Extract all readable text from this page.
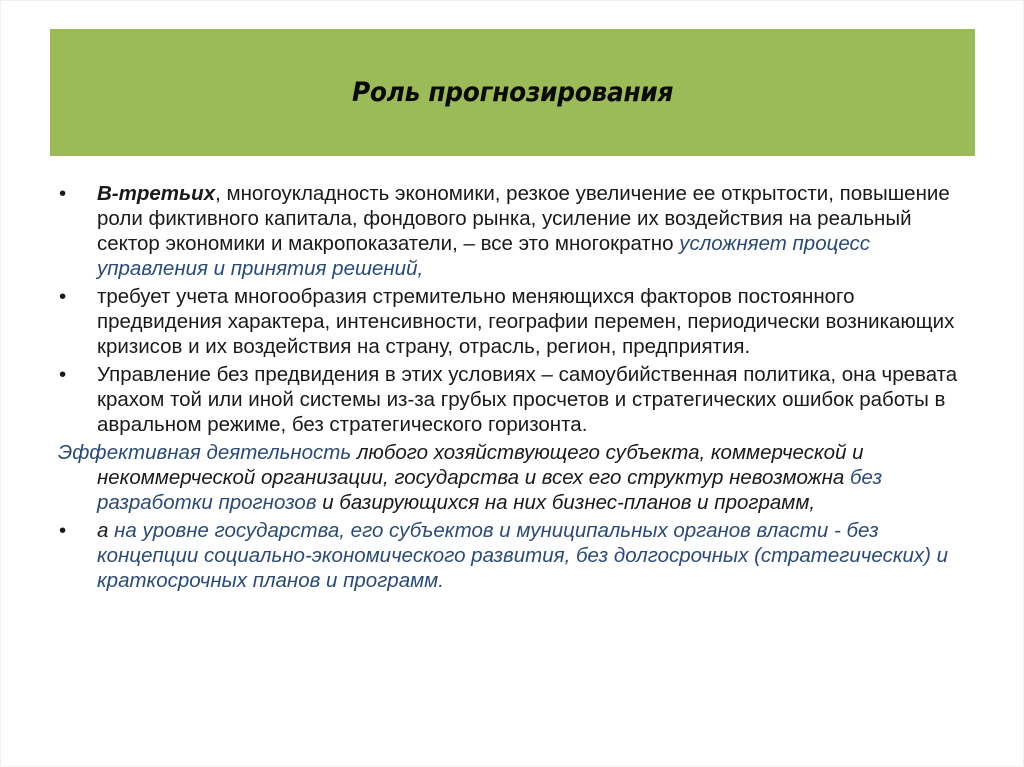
Роль прогнозирования
•	В-третьих, многоукладность экономики, резкое увеличение ее открытости, повышение роли фиктивного капитала, фондового рынка, усиление их воздействия на реальный сектор экономики и макропоказатели, – все это многократно усложняет процесс управления и принятия решений,
•	требует учета многообразия стремительно меняющихся факторов постоянного предвидения характера, интенсивности, географии перемен, периодически возникающих кризисов и их воздействия на страну, отрасль, регион, предприятия.
•	Управление без предвидения в этих условиях – самоубийственная политика, она чревата крахом той или иной системы из-за грубых просчетов и стратегических ошибок работы в авральном режиме, без стратегического горизонта.
Эффективная деятельность любого хозяйствующего субъекта, коммерческой и некоммерческой организации, государства и всех его структур невозможна без разработки прогнозов и базирующихся на них бизнес-планов и программ,
•	а на уровне государства, его субъектов и муниципальных органов власти - без концепции социально-экономического развития, без долгосрочных (стратегических) и краткосрочных планов и программ.
